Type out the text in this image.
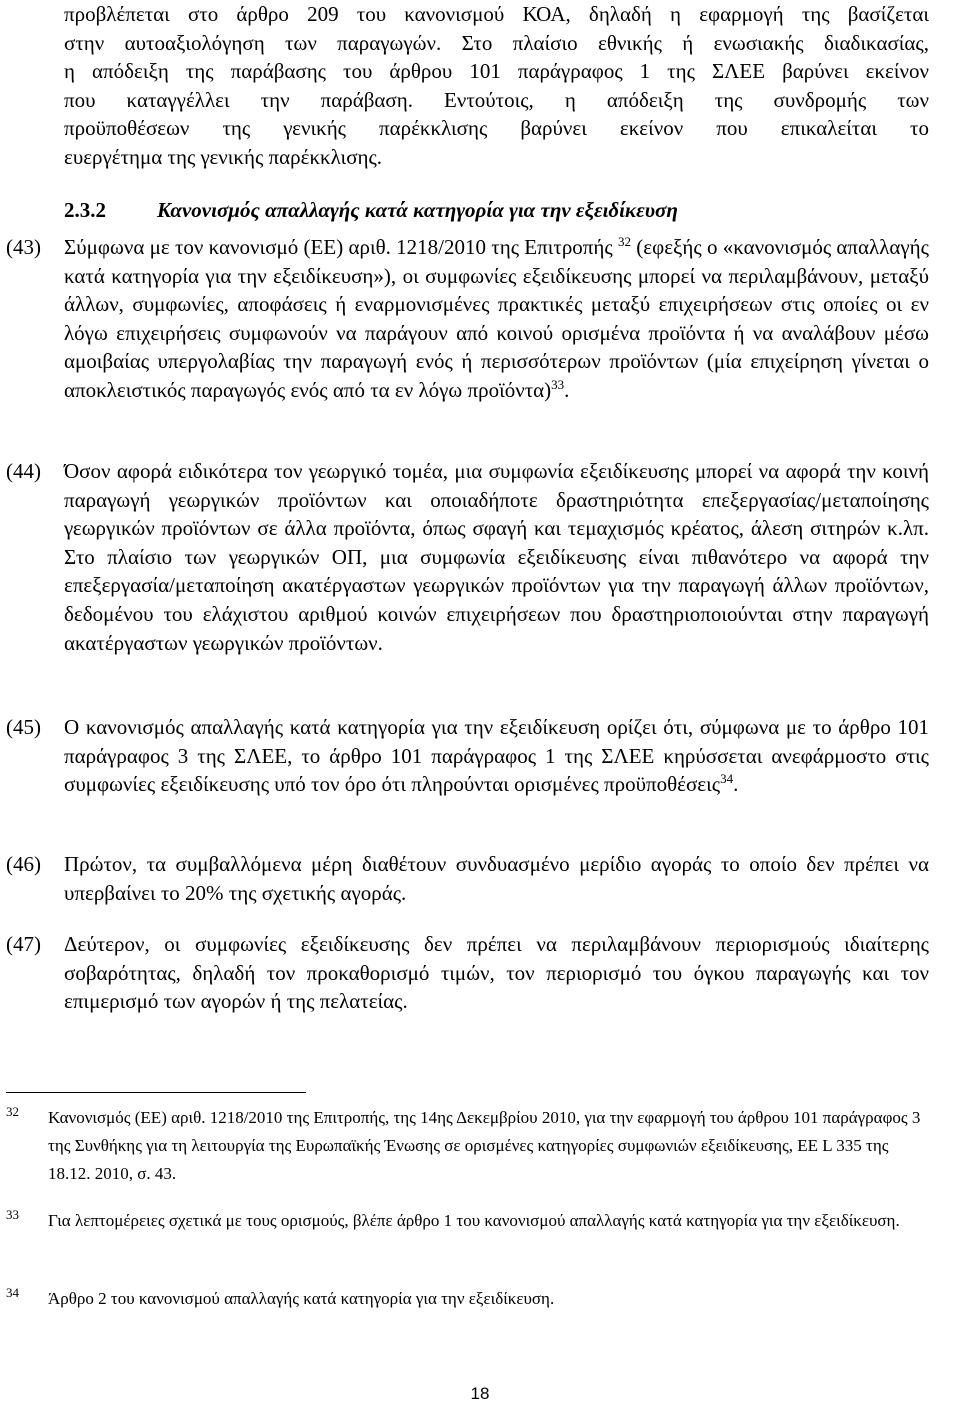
προβλέπεται στο άρθρο 209 του κανονισμού ΚΟΑ, δηλαδή η εφαρμογή της βασίζεται
στην αυτοαξιολόγηση των παραγωγών. Στο πλαίσιο εθνικής ή ενωσιακής διαδικασίας,
η απόδειξη της παράβασης του άρθρου 101 παράγραφος 1 της ΣΛΕΕ βαρύνει εκείνον
που καταγγέλλει την παράβαση. Εντούτοις, η απόδειξη της συνδρομής των
προϋποθέσεων της γενικής παρέκκλισης βαρύνει εκείνον που επικαλείται το
ευεργέτημα της γενικής παρέκκλισης.
2.3.2 Κανονισμός απαλλαγής κατά κατηγορία για την εξειδίκευση
(43)	Σύμφωνα με τον κανονισμό (ΕΕ) αριθ. 1218/2010 της Επιτροπής $^{32}$ (εφεξής ο «κανονισμός απαλλαγής κατά κατηγορία για την εξειδίκευση»), οι συμφωνίες εξειδίκευσης μπορεί να περιλαμβάνουν, μεταξύ άλλων, συμφωνίες, αποφάσεις ή εναρμονισμένες πρακτικές μεταξύ επιχειρήσεων στις οποίες οι εν λόγω επιχειρήσεις συμφωνούν να παράγουν από κοινού ορισμένα προϊόντα ή να αναλάβουν μέσω αμοιβαίας υπεργολαβίας την παραγωγή ενός ή περισσότερων προϊόντων (μία επιχείρηση γίνεται ο αποκλειστικός παραγωγός ενός από τα εν λόγω προϊόντα)$^{33}$.
(44)	Όσον αφορά ειδικότερα τον γεωργικό τομέα, μια συμφωνία εξειδίκευσης μπορεί να αφορά την κοινή παραγωγή γεωργικών προϊόντων και οποιαδήποτε δραστηριότητα επεξεργασίας/μεταποίησης γεωργικών προϊόντων σε άλλα προϊόντα, όπως σφαγή και τεμαχισμός κρέατος, άλεση σιτηρών κ.λπ. Στο πλαίσιο των γεωργικών ΟΠ, μια συμφωνία εξειδίκευσης είναι πιθανότερο να αφορά την επεξεργασία/μεταποίηση ακατέργαστων γεωργικών προϊόντων για την παραγωγή άλλων προϊόντων, δεδομένου του ελάχιστου αριθμού κοινών επιχειρήσεων που δραστηριοποιούνται στην παραγωγή ακατέργαστων γεωργικών προϊόντων.
(45)	Ο κανονισμός απαλλαγής κατά κατηγορία για την εξειδίκευση ορίζει ότι, σύμφωνα με το άρθρο 101 παράγραφος 3 της ΣΛΕΕ, το άρθρο 101 παράγραφος 1 της ΣΛΕΕ κηρύσσεται ανεφάρμοστο στις συμφωνίες εξειδίκευσης υπό τον όρο ότι πληρούνται ορισμένες προϋποθέσεις$^{34}$.
(46)	Πρώτον, τα συμβαλλόμενα μέρη διαθέτουν συνδυασμένο μερίδιο αγοράς το οποίο δεν πρέπει να υπερβαίνει το 20% της σχετικής αγοράς.
(47)	Δεύτερον, οι συμφωνίες εξειδίκευσης δεν πρέπει να περιλαμβάνουν περιορισμούς ιδιαίτερης σοβαρότητας, δηλαδή τον προκαθορισμό τιμών, τον περιορισμό του όγκου παραγωγής και τον επιμερισμό των αγορών ή της πελατείας.
32 Κανονισμός (ΕΕ) αριθ. 1218/2010 της Επιτροπής, της 14ης Δεκεμβρίου 2010, για την εφαρμογή του άρθρου 101 παράγραφος 3 της Συνθήκης για τη λειτουργία της Ευρωπαϊκής Ένωσης σε ορισμένες κατηγορίες συμφωνιών εξειδίκευσης, ΕΕ L 335 της 18.12. 2010, σ. 43.
33 Για λεπτομέρειες σχετικά με τους ορισμούς, βλέπε άρθρο 1 του κανονισμού απαλλαγής κατά κατηγορία για την εξειδίκευση.
34 Άρθρο 2 του κανονισμού απαλλαγής κατά κατηγορία για την εξειδίκευση.
18
